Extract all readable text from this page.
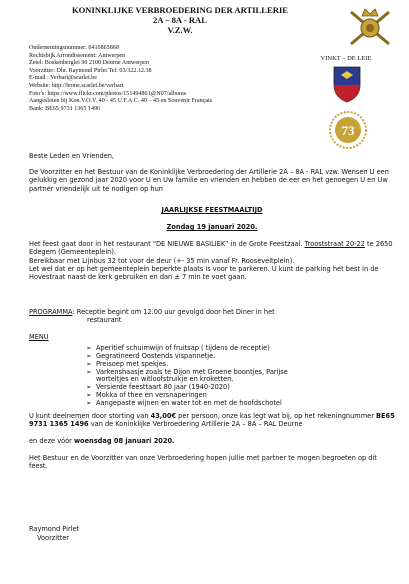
KONINKLIJKE VERBROEDERING DER ARTILLERIE
2A – 8A - RAL
V.Z.W.
Ondernemingsnummer: 0410865868
Rechtsbijk Arrondissement: Antwerpen
Zetel: Boskenberglei 90 2100 Deurne Antwerpen
Voorzitter: Dhr. Raymond Pirlet Tel: 03/322.12.38
E-mail : Verbart@scarlet.be
Website: http://home.scarlet.be/verbart
Foto’s: https://www.flickr.com/photos/151494861@N07/albums
Aangesloten bij Kon.V.O.V. 40 - 45 U.F.A.C. 40 – 45 en Souvenir Français
Bank: BE65 9731 1365 1496
VINKT – DE LEIE
73
Beste Leden en Vrienden,
De Voorzitter en het Bestuur van de Koninklijke Verbroedering der Artillerie 2A – 8A - RAL vzw. Wensen U een gelukkig en gezond jaar 2020 voor U en Uw familie en vrienden en hebben de eer en het genoegen U en Uw partner vriendelijk uit te nodigen op hun
JAARLIJKSE FEESTMAALTIJD
Zondag 19 januari 2020.
Het feest gaat door in het restaurant “DE NIEUWE BASILIEK” in de Grote Feestzaal. Trooststraat 20-22 te 2650 Edegem (Gemeenteplein).
Bereikbaar met Lijnbus 32 tot voor de deur (+- 35 min vanaf Fr. Rooseveltplein).
Let wel dat er op het gemeenteplein beperkte plaats is voor te parkeren. U kunt de parking het best in de Hovestraat naast de kerk gebruiken en dan ± 7 min te voet gaan.
PROGRAMMA: Receptie begint om 12.00 uur gevolgd door het Diner in het
restaurant
MENU
➢ Aperitief schuimwijn of fruitsap ( tijdens de receptie)
➢ Gegratineerd Oostends vispannetje.
➢ Preisoep met spekjes.
➢ Varkenshaasje zoals te Dijon met Groene boontjes, Parijse
worteltjes en witloofstruikje en kroketten.
➢ Versierde feesttaart 80 jaar (1940-2020)
➢ Mokka of thee en versnaperingen
➢ Aangepaste wijnen en water tot en met de hoofdschotel
U kunt deelnemen door storting van 43,00€ per persoon, onze kas legt wat bij, op het rekeningnummer BE65 9731 1365 1496 van de Koninklijke Verbroedering Artillerie 2A – 8A – RAL Deurne
en deze vóór woensdag 08 januari 2020.
Het Bestuur en de Voorzitter van onze Verbroedering hopen jullie met partner te mogen begroeten op dit feest.
Raymond Pirlet
Voorzitter
